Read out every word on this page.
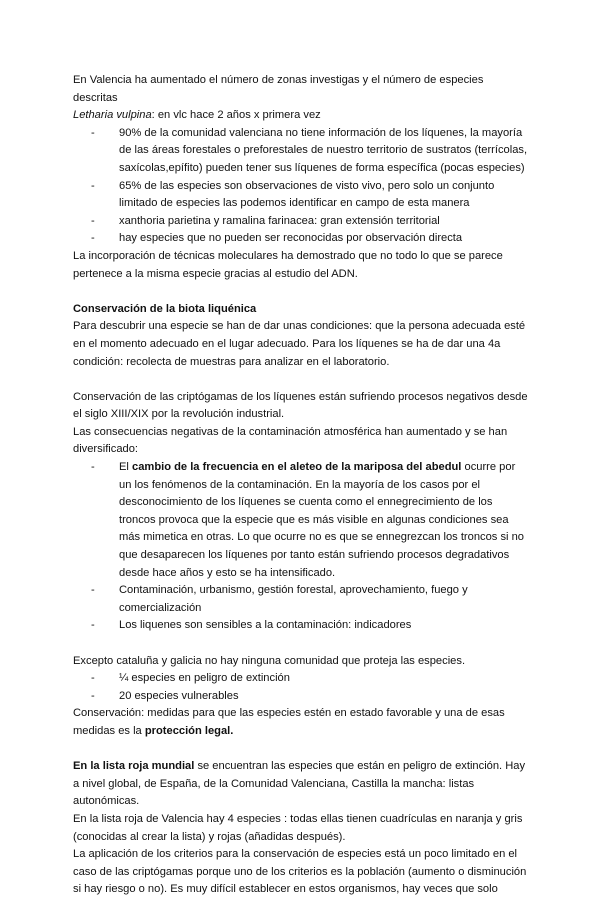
En Valencia ha aumentado el número de zonas investigas y el número de especies descritas

Letharia vulpina: en vlc hace 2 años x primera vez

- 90% de la comunidad valenciana no tiene información de los líquenes, la mayoría de las áreas forestales o preforestales de nuestro territorio de sustratos (terrícolas, saxícolas,epífito) pueden tener sus líquenes de forma específica (pocas especies)
- 65% de las especies son observaciones de visto vivo, pero solo un conjunto limitado de especies las podemos identificar en campo de esta manera
- xanthoria parietina y ramalina farinacea: gran extensión territorial
- hay especies que no pueden ser reconocidas por observación directa

La incorporación de técnicas moleculares ha demostrado que no todo lo que se parece pertenece a la misma especie gracias al estudio del ADN.

Conservación de la biota liquénica

Para descubrir una especie se han de dar unas condiciones: que la persona adecuada esté en el momento adecuado en el lugar adecuado. Para los líquenes se ha de dar una 4a condición: recolecta de muestras para analizar en el laboratorio.

Conservación de las criptógamas de los líquenes están sufriendo procesos negativos desde el siglo XIII/XIX por la revolución industrial.

Las consecuencias negativas de la contaminación atmosférica han aumentado y se han diversificado:

- El cambio de la frecuencia en el aleteo de la mariposa del abedul ocurre por un los fenómenos de la contaminación. En la mayoría de los casos por el desconocimiento de los líquenes se cuenta como el ennegrecimiento de los troncos provoca que la especie que es más visible en algunas condiciones sea más mimetica en otras. Lo que ocurre no es que se ennegrezcan los troncos si no que desaparecen los líquenes por tanto están sufriendo procesos degradativos desde hace años y esto se ha intensificado.
- Contaminación, urbanismo, gestión forestal, aprovechamiento, fuego y comercialización
- Los liquenes son sensibles a la contaminación: indicadores

Excepto cataluña y galicia no hay ninguna comunidad que proteja las especies.

- ¼ especies en peligro de extinción
- 20 especies vulnerables

Conservación: medidas para que las especies estén en estado favorable y una de esas medidas es la protección legal.

En la lista roja mundial se encuentran las especies que están en peligro de extinción. Hay a nivel global, de España, de la Comunidad Valenciana, Castilla la mancha: listas autonómicas.

En la lista roja de Valencia hay 4 especies : todas ellas tienen cuadrículas en naranja y gris (conocidas al crear la lista) y rojas (añadidas después).

La aplicación de los criterios para la conservación de especies está un poco limitado en el caso de las criptógamas porque uno de los criterios es la población (aumento o disminución si hay riesgo o no). Es muy difícil establecer en estos organismos, hay veces que solo
